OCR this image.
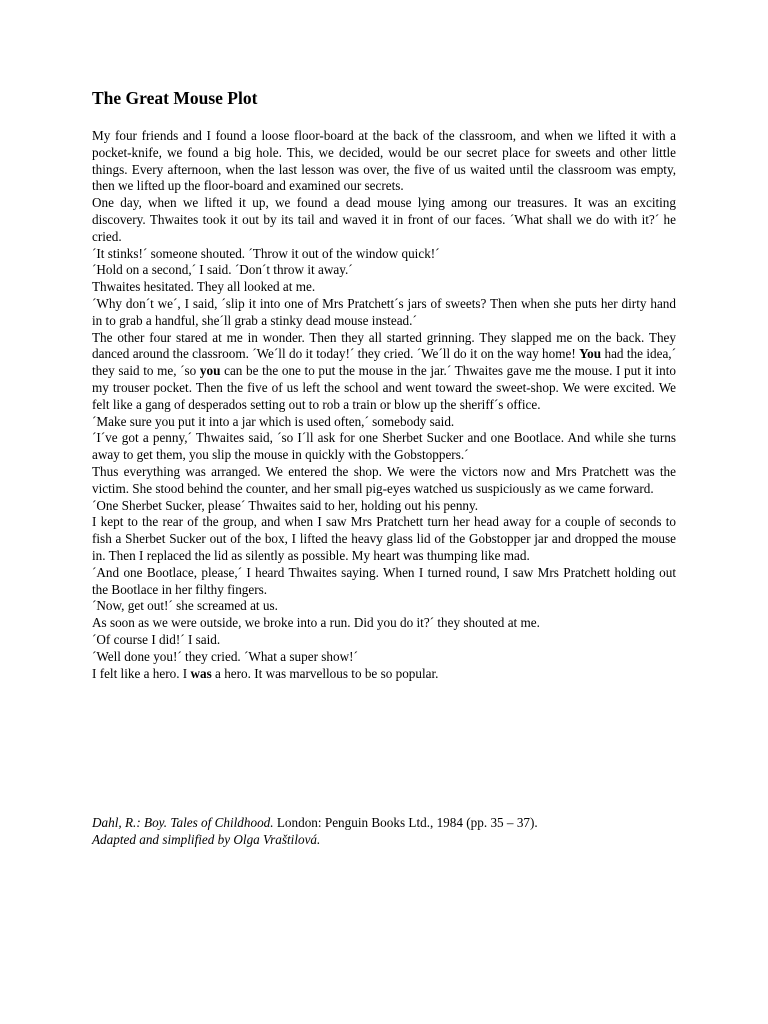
The Great Mouse Plot

My four friends and I found a loose floor-board at the back of the classroom, and when we lifted it with a pocket-knife, we found a big hole. This, we decided, would be our secret place for sweets and other little things. Every afternoon, when the last lesson was over, the five of us waited until the classroom was empty, then we lifted up the floor-board and examined our secrets.

One day, when we lifted it up, we found a dead mouse lying among our treasures. It was an exciting discovery. Thwaites took it out by its tail and waved it in front of our faces. ´What shall we do with it?´ he cried.

´It stinks!´ someone shouted. ´Throw it out of the window quick!´

´Hold on a second,´ I said. ´Don´t throw it away.´

Thwaites hesitated. They all looked at me.

´Why don´t we´, I said, ´slip it into one of Mrs Pratchett´s jars of sweets? Then when she puts her dirty hand in to grab a handful, she´ll grab a stinky dead mouse instead.´

The other four stared at me in wonder. Then they all started grinning. They slapped me on the back. They danced around the classroom. ´We´ll do it today!´ they cried. ´We´ll do it on the way home! You had the idea,´ they said to me, ´so you can be the one to put the mouse in the jar.´ Thwaites gave me the mouse. I put it into my trouser pocket. Then the five of us left the school and went toward the sweet-shop. We were excited. We felt like a gang of desperados setting out to rob a train or blow up the sheriff´s office.

´Make sure you put it into a jar which is used often,´ somebody said.

´I´ve got a penny,´ Thwaites said, ´so I´ll ask for one Sherbet Sucker and one Bootlace. And while she turns away to get them, you slip the mouse in quickly with the Gobstoppers.´

Thus everything was arranged. We entered the shop. We were the victors now and Mrs Pratchett was the victim. She stood behind the counter, and her small pig-eyes watched us suspiciously as we came forward.

´One Sherbet Sucker, please´ Thwaites said to her, holding out his penny.

I kept to the rear of the group, and when I saw Mrs Pratchett turn her head away for a couple of seconds to fish a Sherbet Sucker out of the box, I lifted the heavy glass lid of the Gobstopper jar and dropped the mouse in. Then I replaced the lid as silently as possible. My heart was thumping like mad.

´And one Bootlace, please,´ I heard Thwaites saying. When I turned round, I saw Mrs Pratchett holding out the Bootlace in her filthy fingers.

´Now, get out!´ she screamed at us.

As soon as we were outside, we broke into a run. Did you do it?´ they shouted at me.

´Of course I did!´ I said.

´Well done you!´ they cried. ´What a super show!´

I felt like a hero. I was a hero. It was marvellous to be so popular.

Dahl, R.: Boy. Tales of Childhood. London: Penguin Books Ltd., 1984 (pp. 35 – 37).
Adapted and simplified by Olga Vraštilová.
